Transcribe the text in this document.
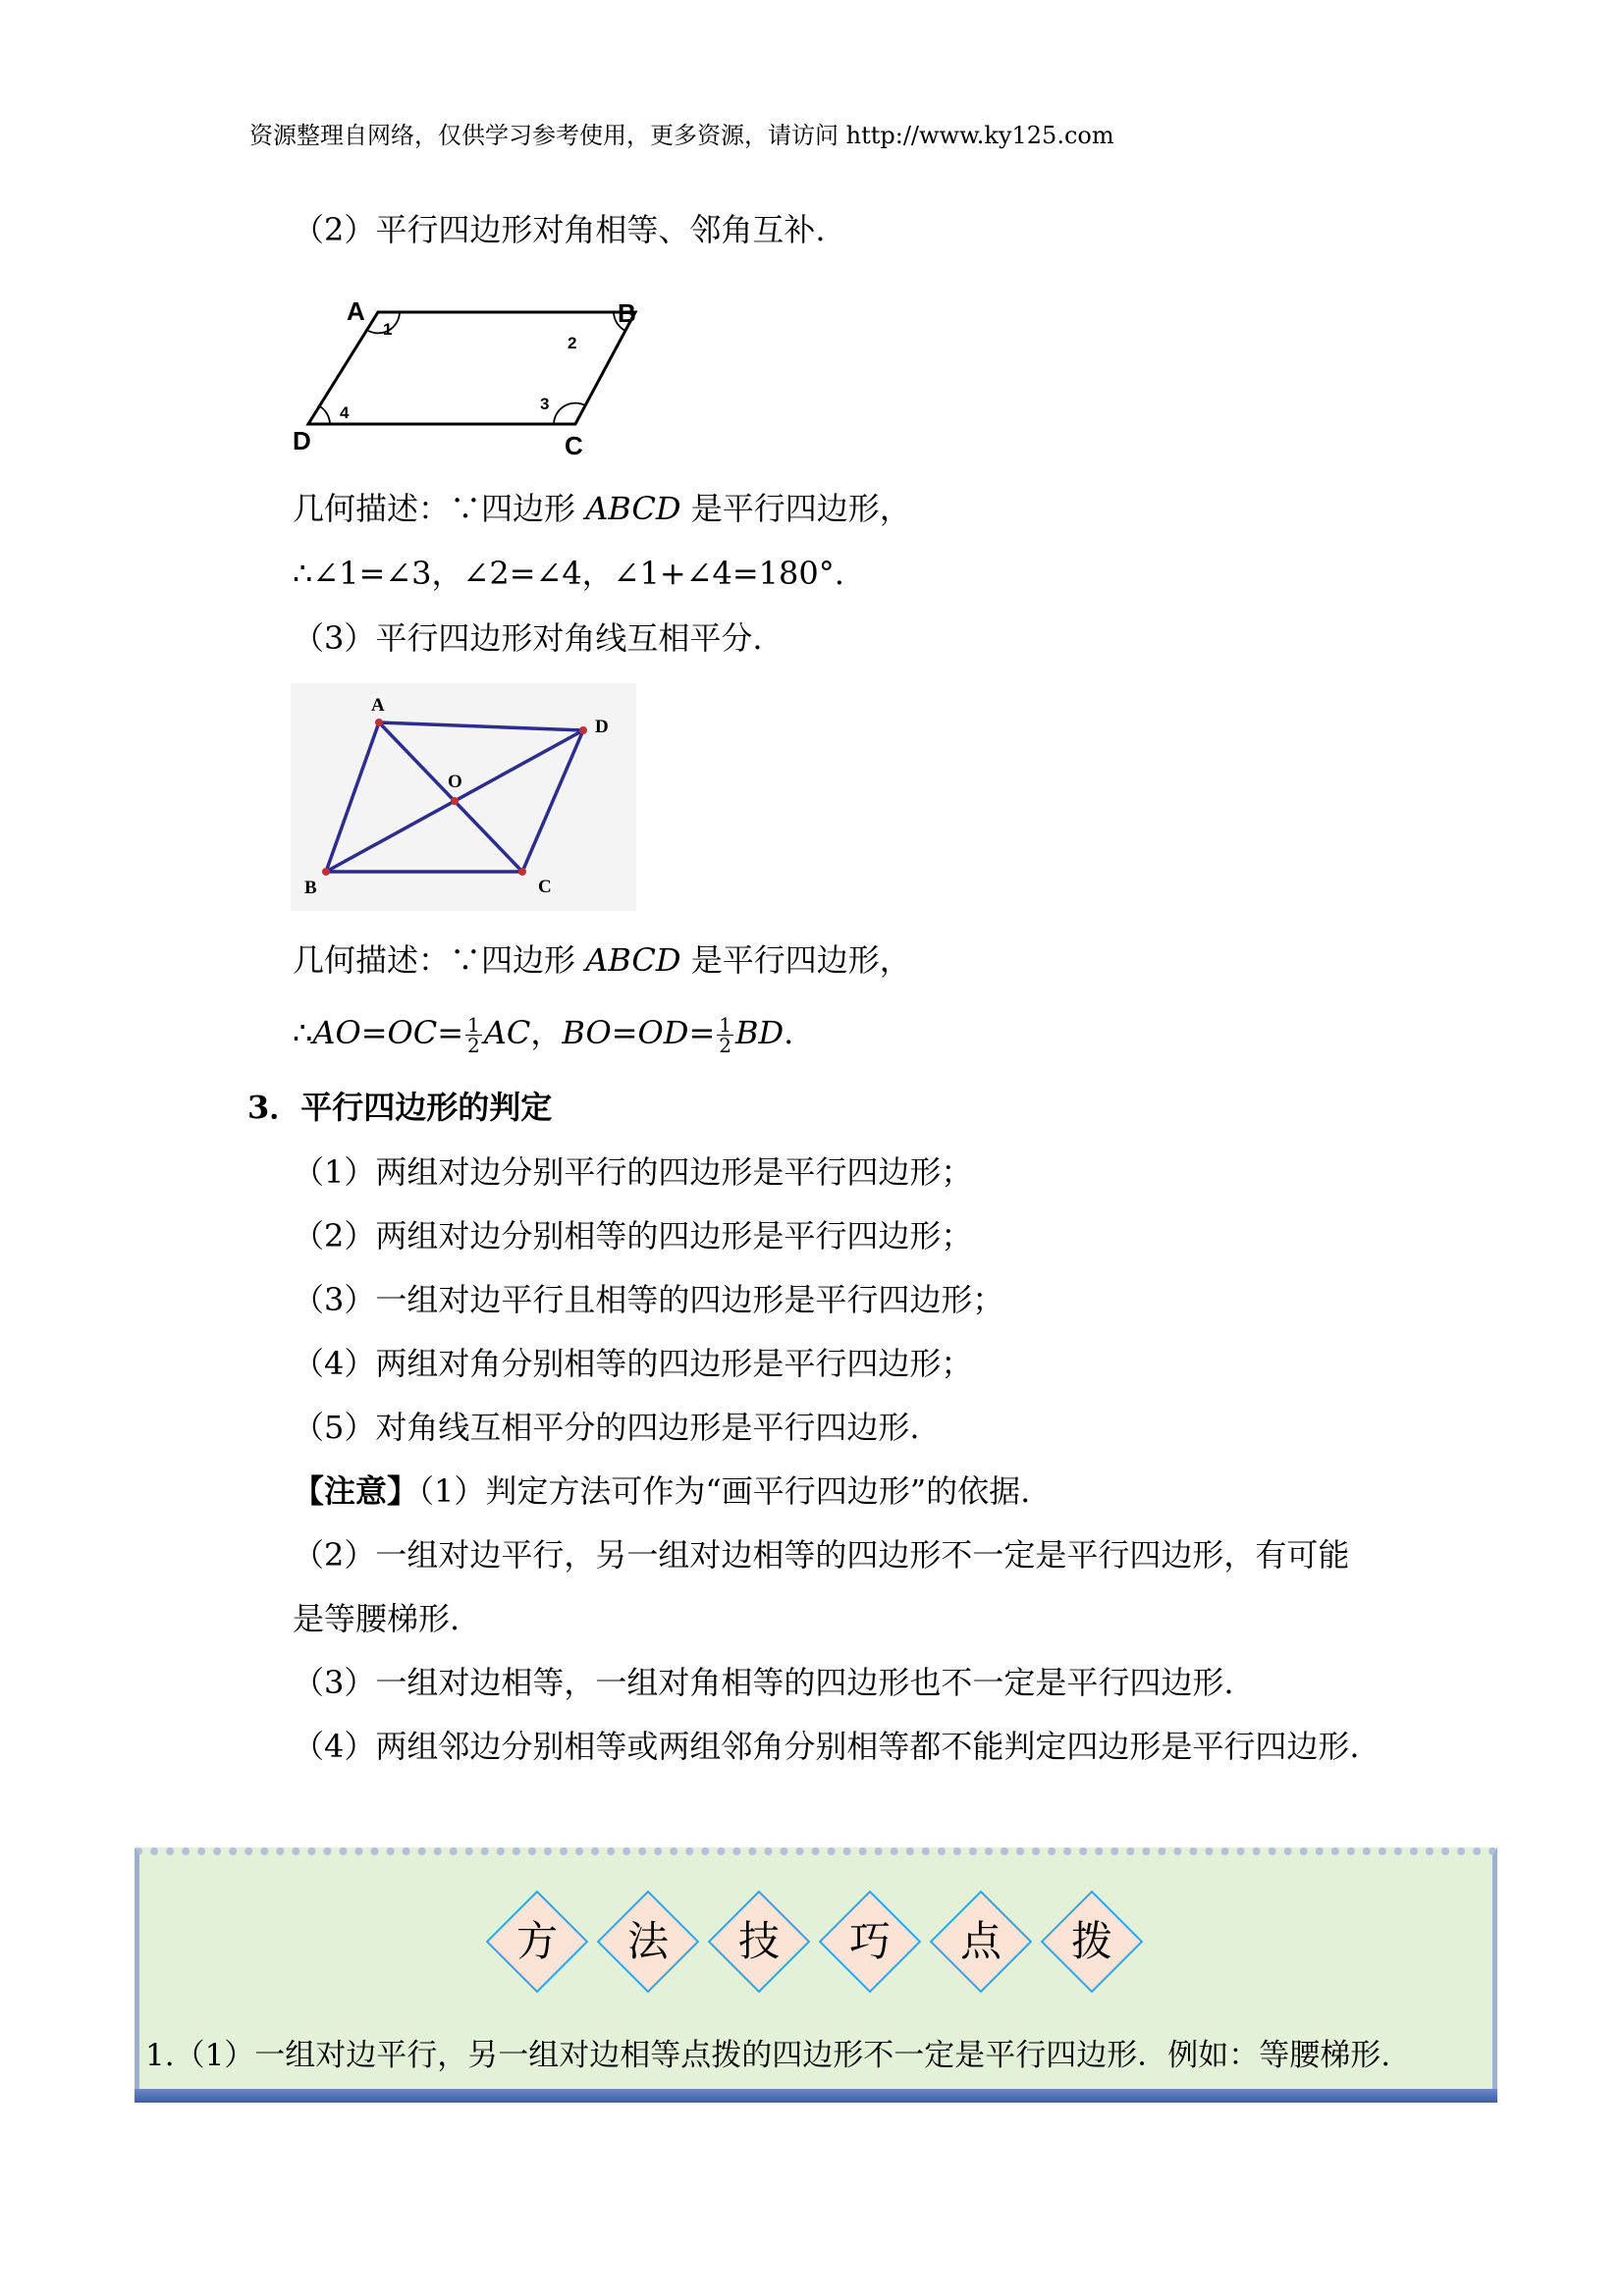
资源整理自网络，仅供学习参考使用，更多资源，请访问 http://www.ky125.com
（2）平行四边形对角相等、邻角互补.
A	B
C
D
1
2
3
4
几何描述：∵四边形 ABCD 是平行四边形，
∴∠1=∠3，∠2=∠4，∠1+∠4=180°.
（3）平行四边形对角线互相平分.
A
D
C
B
O
几何描述：∵四边形 ABCD 是平行四边形，
∴AO=OC= $\frac{1}{2}$ AC，$BO=OD= \frac{1}{2}$ BD.
3．平行四边形的判定
（1）两组对边分别平行的四边形是平行四边形；
（2）两组对边分别相等的四边形是平行四边形；
（3）一组对边平行且相等的四边形是平行四边形；
（4）两组对角分别相等的四边形是平行四边形；
（5）对角线互相平分的四边形是平行四边形.
【注意】（1）判定方法可作为“画平行四边形”的依据.
（2）一组对边平行，另一组对边相等的四边形不一定是平行四边形，有可能
是等腰梯形.
（3）一组对边相等，一组对角相等的四边形也不一定是平行四边形.
（4）两组邻边分别相等或两组邻角分别相等都不能判定四边形是平行四边形.
方	法	技	巧	点	拨
1.（1）一组对边平行，另一组对边相等点拨的四边形不一定是平行四边形．例如：等腰梯形.
